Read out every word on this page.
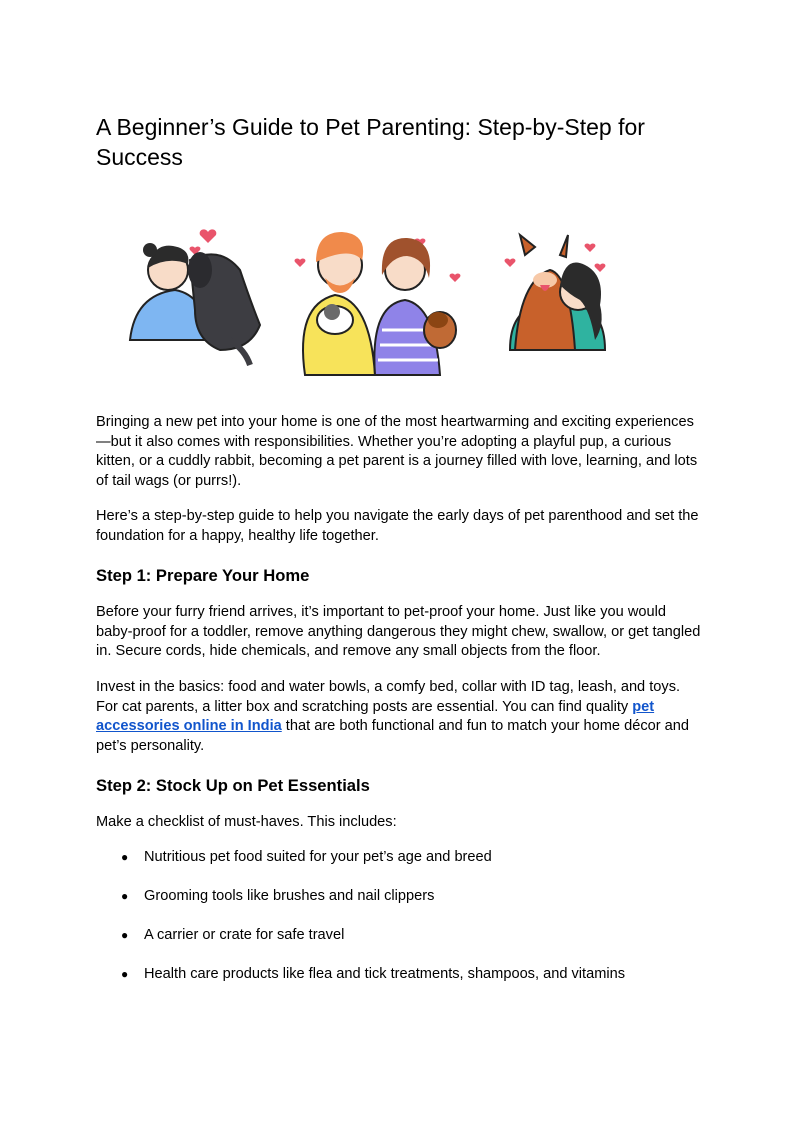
A Beginner’s Guide to Pet Parenting: Step-by-Step for Success

Bringing a new pet into your home is one of the most heartwarming and exciting experiences—but it also comes with responsibilities. Whether you’re adopting a playful pup, a curious kitten, or a cuddly rabbit, becoming a pet parent is a journey filled with love, learning, and lots of tail wags (or purrs!).

Here’s a step-by-step guide to help you navigate the early days of pet parenthood and set the foundation for a happy, healthy life together.

Step 1: Prepare Your Home

Before your furry friend arrives, it’s important to pet-proof your home. Just like you would baby-proof for a toddler, remove anything dangerous they might chew, swallow, or get tangled in. Secure cords, hide chemicals, and remove any small objects from the floor.

Invest in the basics: food and water bowls, a comfy bed, collar with ID tag, leash, and toys. For cat parents, a litter box and scratching posts are essential. You can find quality pet accessories online in India that are both functional and fun to match your home décor and pet’s personality.

Step 2: Stock Up on Pet Essentials

Make a checklist of must-haves. This includes:

● Nutritious pet food suited for your pet’s age and breed
● Grooming tools like brushes and nail clippers
● A carrier or crate for safe travel
● Health care products like flea and tick treatments, shampoos, and vitamins
